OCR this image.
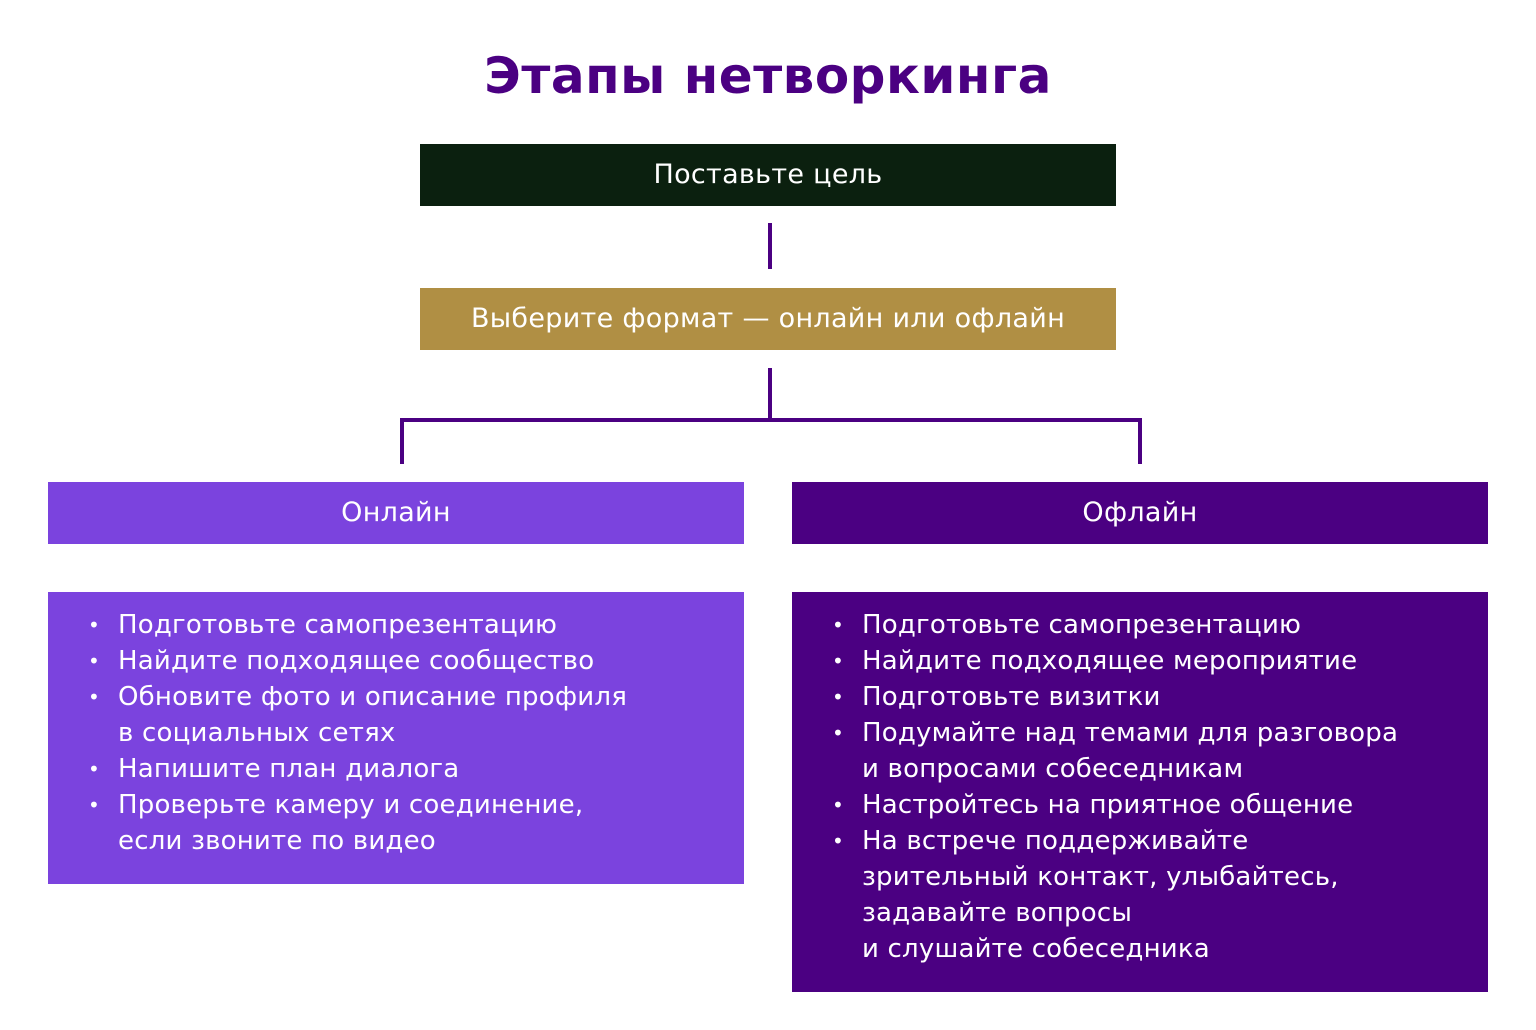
Этапы нетворкинга
Поставьте цель
Выберите формат — онлайн или офлайн
Онлайн	Офлайн
• Подготовьте самопрезентацию
• Найдите подходящее сообщество
• Обновите фото и описание профиля
в социальных сетях
• Напишите план диалога
• Проверьте камеру и соединение,
если звоните по видео
• Подготовьте самопрезентацию
• Найдите подходящее мероприятие
• Подготовьте визитки
• Подумайте над темами для разговора
и вопросами собеседникам
• Настройтесь на приятное общение
• На встрече поддерживайте
зрительный контакт, улыбайтесь,
задавайте вопросы
и слушайте собеседника
